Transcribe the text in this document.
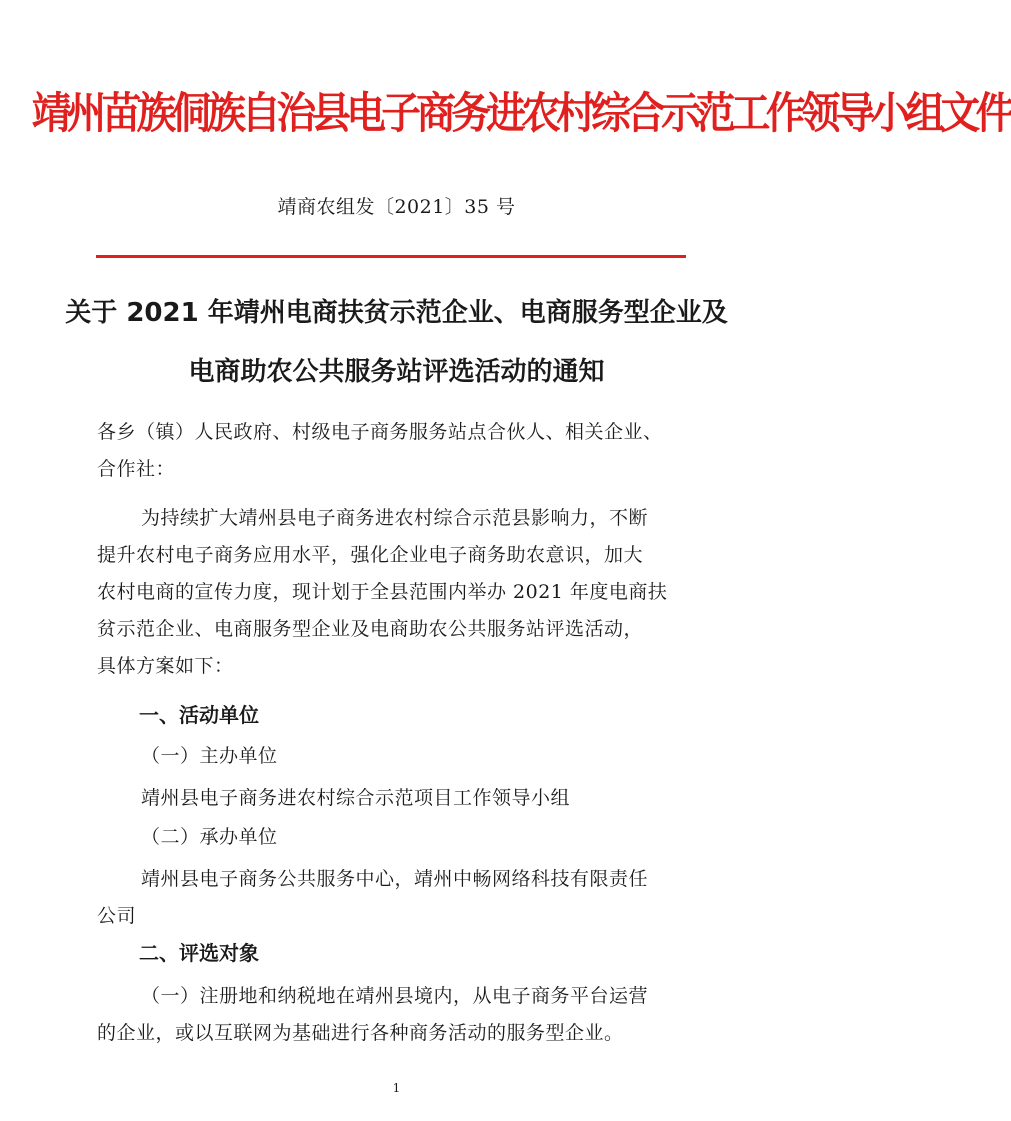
靖州苗族侗族自治县电子商务进农村综合示范工作领导小组文件
靖商农组发〔2021〕35 号
关于 2021 年靖州电商扶贫示范企业、电商服务型企业及
电商助农公共服务站评选活动的通知
各乡（镇）人民政府、村级电子商务服务站点合伙人、相关企业、
合作社：
为持续扩大靖州县电子商务进农村综合示范县影响力，不断
提升农村电子商务应用水平，强化企业电子商务助农意识，加大
农村电商的宣传力度，现计划于全县范围内举办 2021 年度电商扶
贫示范企业、电商服务型企业及电商助农公共服务站评选活动，
具体方案如下：
一、活动单位
（一）主办单位
靖州县电子商务进农村综合示范项目工作领导小组
（二）承办单位
靖州县电子商务公共服务中心，靖州中畅网络科技有限责任
公司
二、评选对象
（一）注册地和纳税地在靖州县境内，从电子商务平台运营
的企业，或以互联网为基础进行各种商务活动的服务型企业。
1
